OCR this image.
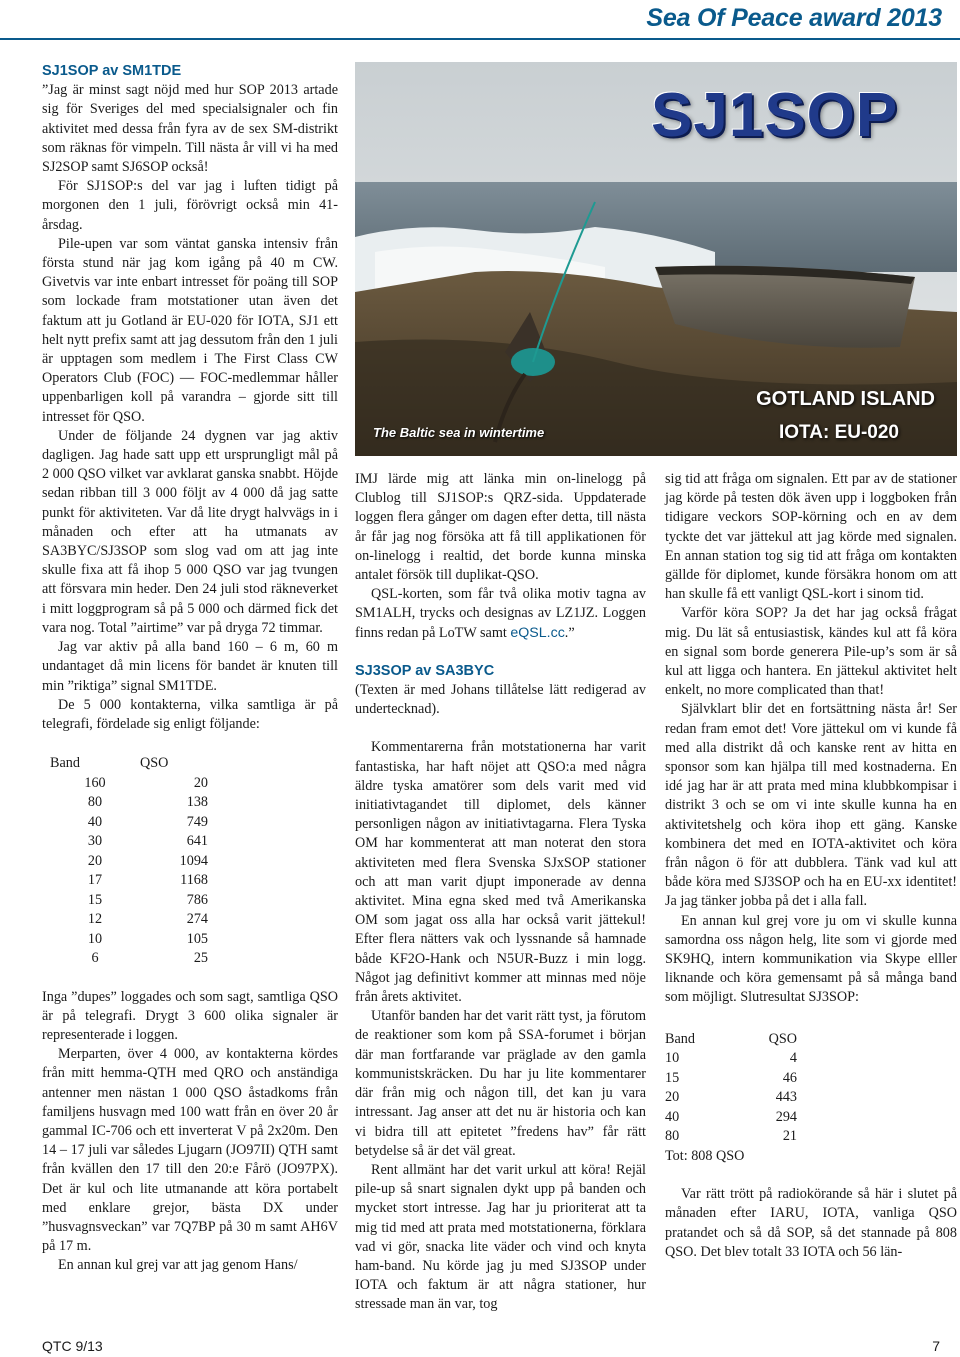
Sea Of Peace award 2013
SJ1SOP av SM1TDE

”Jag är minst sagt nöjd med hur SOP 2013 artade sig för Sveriges del med specialsignaler och fin aktivitet med dessa från fyra av de sex SM-distrikt som räknas för vimpeln. Till nästa år vill vi ha med SJ2SOP samt SJ6SOP också!

För SJ1SOP:s del var jag i luften tidigt på morgonen den 1 juli, förövrigt också min 41-årsdag.

Pile-upen var som väntat ganska intensiv från första stund när jag kom igång på 40 m CW. Givetvis var inte enbart intresset för poäng till SOP som lockade fram motstationer utan även det faktum att ju Gotland är EU-020 för IOTA, SJ1 ett helt nytt prefix samt att jag dessutom från den 1 juli är upptagen som medlem i The First Class CW Operators Club (FOC) — FOC-medlemmar håller uppenbarligen koll på varandra – gjorde sitt till intresset för QSO.

Under de följande 24 dygnen var jag aktiv dagligen. Jag hade satt upp ett ursprungligt mål på 2 000 QSO vilket var avklarat ganska snabbt. Höjde sedan ribban till 3 000 följt av 4 000 då jag satte punkt för aktiviteten. Var då lite drygt halvvägs in i månaden och efter att ha utmanats av SA3BYC/SJ3SOP som slog vad om att jag inte skulle fixa att få ihop 5 000 QSO var jag tvungen att försvara min heder. Den 24 juli stod räkneverket i mitt loggprogram så på 5 000 och därmed fick det vara nog. Total ”airtime” var på dryga 72 timmar.

Jag var aktiv på alla band 160 – 6 m, 60 m undantaget då min licens för bandet är knuten till min ”riktiga” signal SM1TDE.

De 5 000 kontakterna, vilka samtliga är på telegrafi, fördelade sig enligt följande:

Band	QSO
160	20
80	138
40	749
30	641
20	1094
17	1168
15	786
12	274
10	105
6	25

Inga ”dupes” loggades och som sagt, samtliga QSO är på telegrafi. Drygt 3 600 olika signaler är representerade i loggen.

Merparten, över 4 000, av kontakterna kördes från mitt hemma-QTH med QRO och anständiga antenner men nästan 1 000 QSO åstadkoms från familjens husvagn med 100 watt från en över 20 år gammal IC-706 och ett inverterat V på 2x20m. Den 14 – 17 juli var således Ljugarn (JO97II) QTH samt från kvällen den 17 till den 20:e Fårö (JO97PX). Det är kul och lite utmanande att köra portabelt med enklare grejor, bästa DX under ”husvagnsveckan” var 7Q7BP på 30 m samt AH6V på 17 m.

En annan kul grej var att jag genom Hans/

SJ1SOP
The Baltic sea in wintertime
GOTLAND ISLAND
IOTA: EU-020

IMJ lärde mig att länka min on-linelogg på Clublog till SJ1SOP:s QRZ-sida. Uppdaterade loggen flera gånger om dagen efter detta, till nästa år får jag nog försöka att få till applikationen för on-linelogg i realtid, det borde kunna minska antalet försök till duplikat-QSO.

QSL-korten, som får två olika motiv tagna av SM1ALH, trycks och designas av LZ1JZ. Loggen finns redan på LoTW samt eQSL.cc.”

SJ3SOP av SA3BYC

(Texten är med Johans tillåtelse lätt redigerad av undertecknad).

Kommentarerna från motstationerna har varit fantastiska, har haft nöjet att QSO:a med några äldre tyska amatörer som dels varit med vid initiativtagandet till diplomet, dels känner personligen någon av initiativtagarna. Flera Tyska OM har kommenterat att man noterat den stora aktiviteten med flera Svenska SJxSOP stationer och att man varit djupt imponerade av denna aktivitet. Mina egna sked med två Amerikanska OM som jagat oss alla har också varit jättekul! Efter flera nätters vak och lyssnande så hamnade både KF2O-Hank och N5UR-Buzz i min logg. Något jag definitivt kommer att minnas med nöje från årets aktivitet.

Utanför banden har det varit rätt tyst, ja förutom de reaktioner som kom på SSA-forumet i början där man fortfarande var präglade av den gamla kommunistskräcken. Du har ju lite kommentarer där från mig och någon till, det kan ju vara intressant. Jag anser att det nu är historia och kan vi bidra till att epitetet ”fredens hav” får rätt betydelse så är det väl great.

Rent allmänt har det varit urkul att köra! Rejäl pile-up så snart signalen dykt upp på banden och mycket stort intresse. Jag har ju prioriterat att ta mig tid med att prata med motstationerna, förklara vad vi gör, snacka lite väder och vind och knyta ham-band. Nu körde jag ju med SJ3SOP under IOTA och faktum är att några stationer, hur stressade man än var, tog

sig tid att fråga om signalen. Ett par av de stationer jag körde på testen dök även upp i loggboken från tidigare veckors SOP-körning och en av dem tyckte det var jättekul att jag körde med signalen. En annan station tog sig tid att fråga om kontakten gällde för diplomet, kunde försäkra honom om att han skulle få ett vanligt QSL-kort i sinom tid.

Varför köra SOP? Ja det har jag också frågat mig. Du lät så entusiastisk, kändes kul att få köra en signal som borde generera Pile-up’s som är så kul att ligga och hantera. En jättekul aktivitet helt enkelt, no more complicated than that!

Självklart blir det en fortsättning nästa år! Ser redan fram emot det! Vore jättekul om vi kunde få med alla distrikt då och kanske rent av hitta en sponsor som kan hjälpa till med kostnaderna. En idé jag har är att prata med mina klubbkompisar i distrikt 3 och se om vi inte skulle kunna ha en aktivitetshelg och köra ihop ett gäng. Kanske kombinera det med en IOTA-aktivitet och köra från någon ö för att dubblera. Tänk vad kul att både köra med SJ3SOP och ha en EU-xx identitet! Ja jag tänker jobba på det i alla fall.

En annan kul grej vore ju om vi skulle kunna samordna oss någon helg, lite som vi gjorde med SK9HQ, intern kommunikation via Skype elller liknande och köra gemensamt på så många band som möjligt. Slutresultat SJ3SOP:

Band	QSO
10	4
15	46
20	443
40	294
80	21
Tot: 808 QSO	

Var rätt trött på radiokörande så här i slutet på månaden efter IARU, IOTA, vanliga QSO pratandet och så då SOP, så det stannade på 808 QSO. Det blev totalt 33 IOTA och 56 län-

QTC 9/13	7
